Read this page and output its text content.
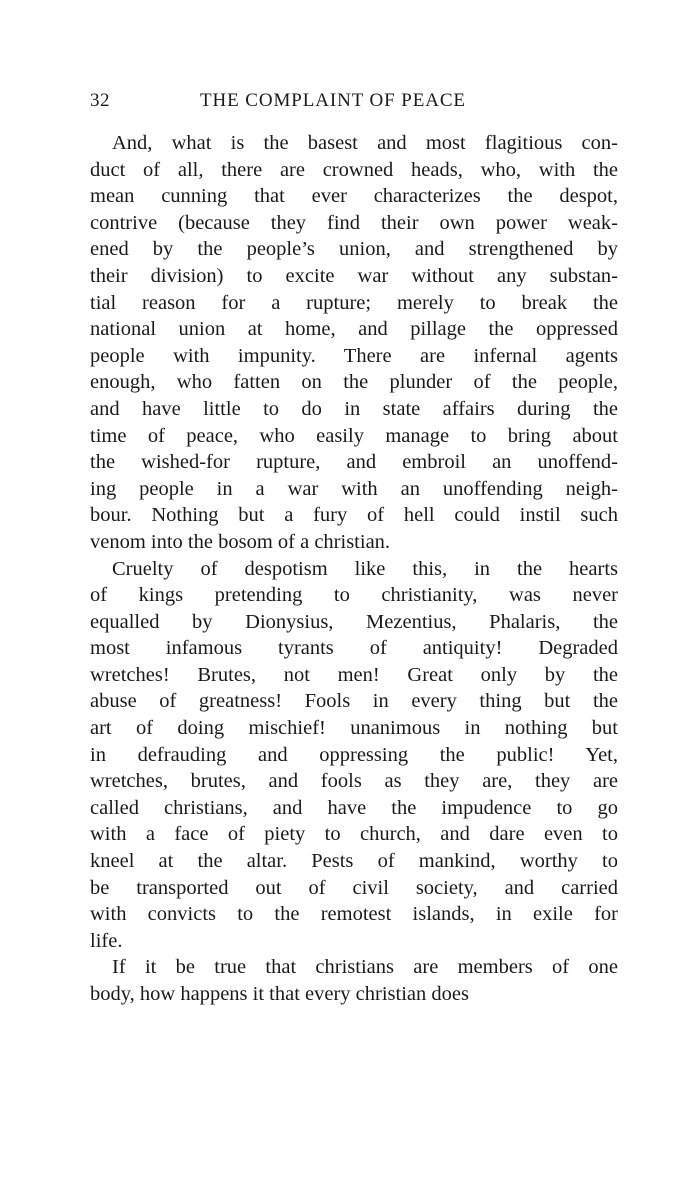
32	THE COMPLAINT OF PEACE
And, what is the basest and most flagitious con-
duct of all, there are crowned heads, who, with the
mean cunning that ever characterizes the despot,
contrive (because they find their own power weak-
ened by the people’s union, and strengthened by
their division) to excite war without any substan-
tial reason for a rupture; merely to break the
national union at home, and pillage the oppressed
people with impunity. There are infernal agents
enough, who fatten on the plunder of the people,
and have little to do in state affairs during the
time of peace, who easily manage to bring about
the wished-for rupture, and embroil an unoffend-
ing people in a war with an unoffending neigh-
bour. Nothing but a fury of hell could instil such
venom into the bosom of a christian.
Cruelty of despotism like this, in the hearts
of kings pretending to christianity, was never
equalled by Dionysius, Mezentius, Phalaris, the
most infamous tyrants of antiquity! Degraded
wretches! Brutes, not men! Great only by the
abuse of greatness! Fools in every thing but the
art of doing mischief! unanimous in nothing but
in defrauding and oppressing the public! Yet,
wretches, brutes, and fools as they are, they are
called christians, and have the impudence to go
with a face of piety to church, and dare even to
kneel at the altar. Pests of mankind, worthy to
be transported out of civil society, and carried
with convicts to the remotest islands, in exile for
life.
If it be true that christians are members of one
body, how happens it that every christian does
